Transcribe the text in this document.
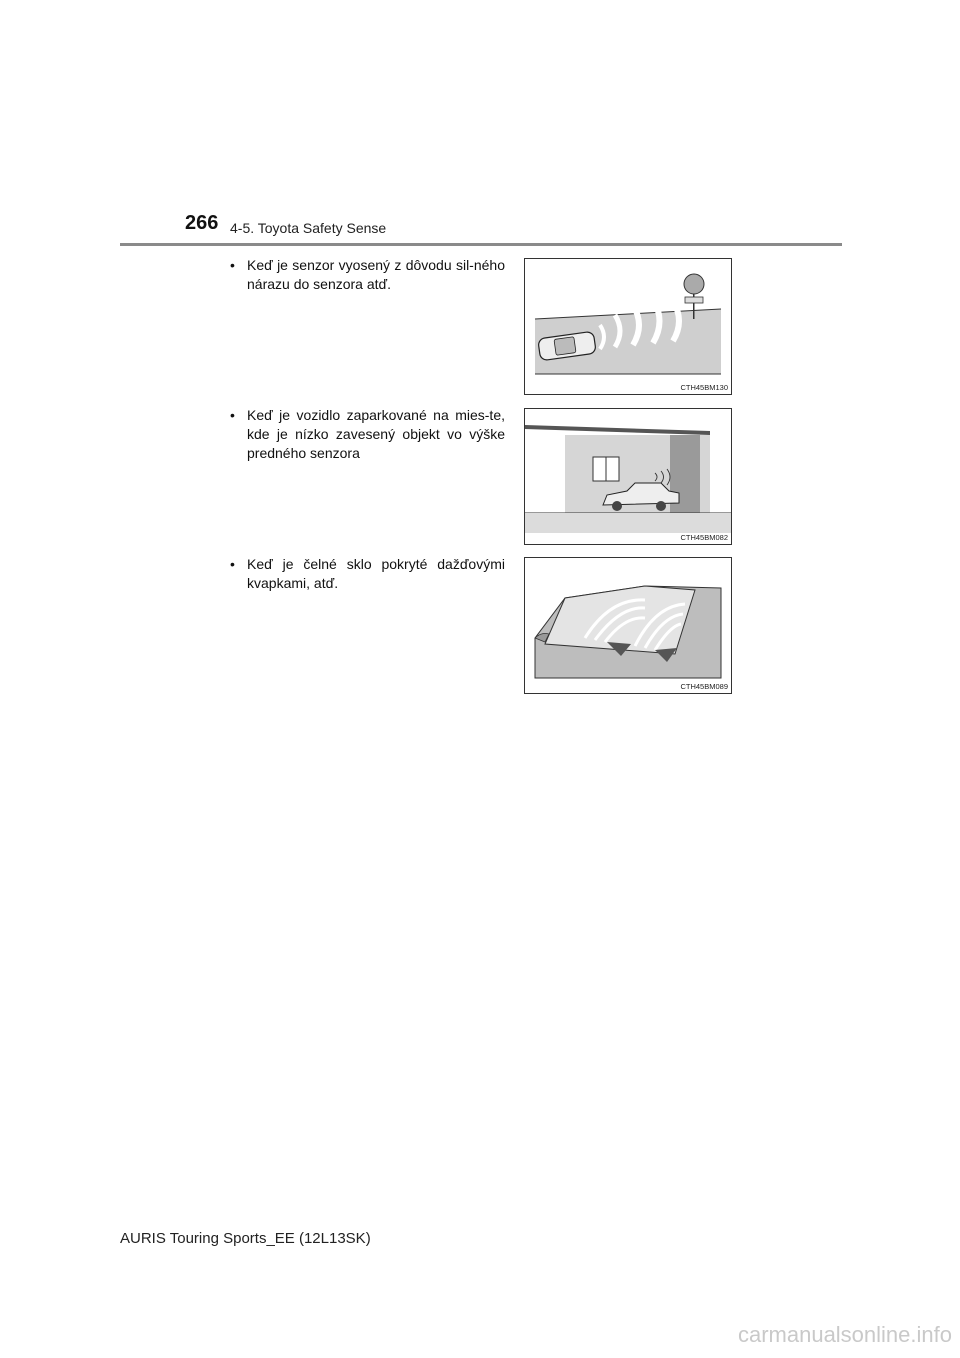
266 4-5. Toyota Safety Sense
• Keď je senzor vyosený z dôvodu sil-ného nárazu do senzora atď.
CTH45BM130
• Keď je vozidlo zaparkované na mies-te, kde je nízko zavesený objekt vo výške predného senzora
CTH45BM082
• Keď je čelné sklo pokryté dažďovými kvapkami, atď.
CTH45BM089
AURIS Touring Sports_EE (12L13SK)
carmanualsonline.info
